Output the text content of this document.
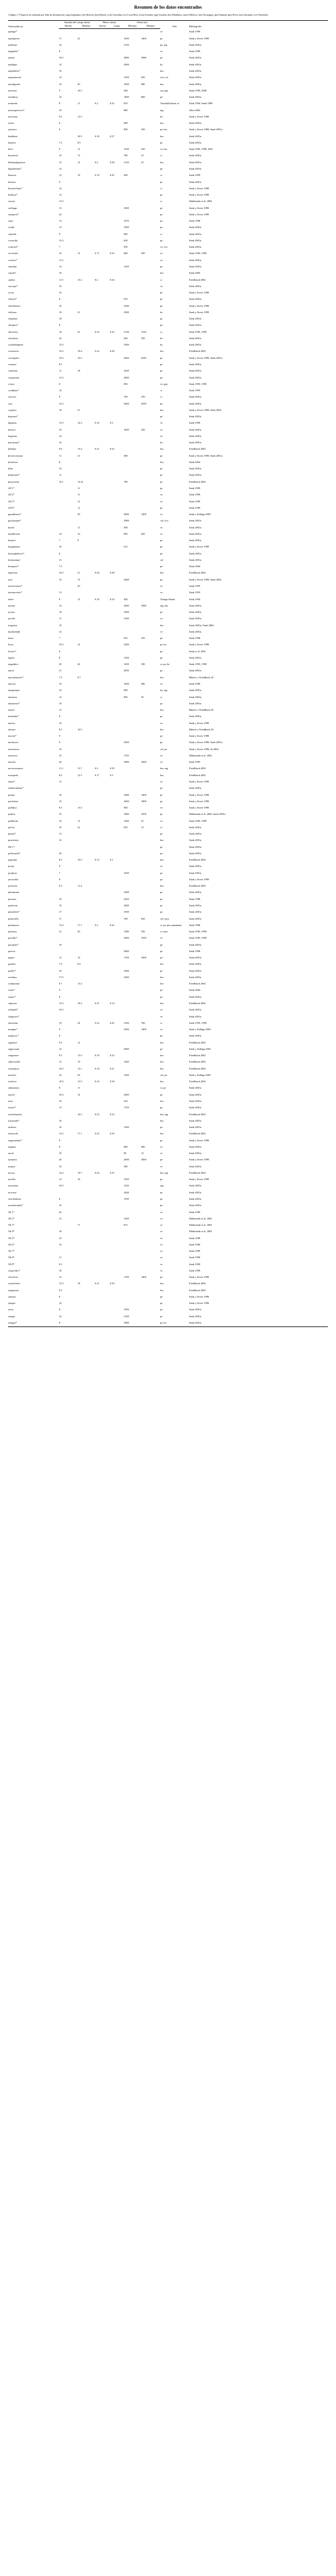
Resumen de los datos encontrados

Códigos: (*) Especie no utilizada por falta de información; (arg) Argentina; (bo) Bolivia; (bra) Brasil; (col) Colombia; (cr) Costa Rica; (ecu) Ecuador; (gu) Guyana; (ho) Honduras; (mex) México; (nic) Nicaragua; (pa) Panamá; (per) Perú; (sur) Surinam; (ve) Venezuela.

Anastrepha sp.	Tamaño del cuerpo (mm)		Huevo (mm)		Altura (m)		País	Bibliografía
	Macho	Hembra	Ancho	Largo	Máximo	Mínimo		
aphaga*							ve	Stark 1999
aquiquiena	17	22			1650	1400	pe	Stark y Sivrer 1998
alabrasa	14				2150		pe, arg	Stark 2001a
alippidia*	8						ve	Stark 1999
amata	16.5				2000	2000	pe	Stark 2001a
ambigua	14				2000		bo	Stark 2001a
ampbilinie*	16						bra	Stark 2001a
angustiuvola	14				1250	650	ecu, col	Stark 2001a
annulipedes	16	20			1650	980	bra	Stark 2001a
antivasa	9	10.5			500		sur, guy	Stark 1999, 2000
anuidicus	14				1400	800	pe	Stark 2001a
armanda	8	11	0.2	0.25	810		Trinidad Island, ve	Stark 1994, Stark 1998
atrataquiverea*	10				680		mg	Okee 2002
atrinoma	9.5	13.5					bo	Stark y Sivrer 1998
aruea	6				400		bra	Stark 2001a
ayimara	9				900	550	pe, bra	Stark y Sivrer 1998, Stark 2001a
baddinea		18.5	0.18	0.27			bra	Stark 2001a
bameta	7.5	8.5					pe	Stark 2001a
bieri	9	12			1530	520	ve, bra	Stark 1995, 1998, 2001
benedicta	10	13			780	35	cr	Stark 2001a
bibaiaalgopiicae	15	12	0.2	0.28	2150	25	bra	Stark 2001a
biguanliana*	14						pe	Stark 2001a
blancea	12	16	0.19	0.45	200		cr	Stark 1999
bizenea	9						pe	Stark 2001a
bonselchiaue*	14						cr	Stark y Sivrer 1998
bulbosa*	13						pe	Stark y Sivrer 1998
caceae	13.5						cr	Maldonado et al. 2002
callunga	13				2500		pe	Stark y Sivrer 1998
canspora*	24						pe	Stark y Sivrer 1998
cana	13				1670		pe	Stark 1998
cordie	13				2300		pe	Stark 2001a
cantella	9				850		cr	Stark 2001a
cerasolia	13.5				650		pe	Stark 2001a
cenarasi*	7				950		ve, ecu	Stark 2001a
cervicalis	10	12	0.17	0.32	600	300	ve	Stark 1995, 1999
cesarea*	11.2						ve	Stark 2001a
cantulae	14				1250		pe	Stark 2001a
catalis*	10						bra	Stark 2004
catbea	11.5	15.2	0.2	0.34			cr	Friedlback 2002
cacorpa*	10						ve	Stark 2001a
cecon	10						pe	Stark y Sivrer 1998
chanea*	8				810		pe	Stark 2001a
chiedinoeiis	16				2340		pe	Stark y Sivrer 1998
chileara	18	21			2500		bo	Stark y Sivrer 1998
chiquinei	18						pe	Stark 2001a
chirquea*	8						pe	Stark 2001a
chiorinea	18	25	0.23	0.35	2720	1530	cr	Stark 1995, 1999
chiraleua	16				560	350	bo	Stark 2001a
cochabampiste	13.5				2500		bo	Stark 2001a
cocaneens	14.5	18.4	0.22	0.36			bra	Friedlback 2002
coramplea	16.5	16.5			2400	2030	pe	Stark y Sivrer 1998, Stark 2001a
conasae	8.5						pe	Stark 2001a
commata	11	18			3250		pe	Stark 2001a
conquensis	13.5				2000		pe	Stark 2001a
crisea	8				850		ve, guy	Stark 1995, 1999
cordifusa*	14						cr	Stark 1995
cuerosa	9				700	470	cr	Stark 2001a
cuzi	13.5				2600	2050	pe	Stark 2001a
cryptica	18	21					bra	Stark y Sivrer 1998, Stark 2004
dayanea*							pe	Stark 2001a
dignasis	13.5	14.5	0.16	0.3			ve	Stark 1999
dirinea	19				1650	250	ve	Stark 2001a
dogiema	14						ve	Stark 2001a
fenestrata*	16						bo	Stark 2001a
flebinae	9.6	13.4	0.21	0.32			bra	Friedlback 2002
floriecorneata	11	21			380		pe	Stark y Sivrer 1998, Stark 2001a
florebono	8						bra	Stark 2004
flina	10						pe	Stark 2001a
flintarium*	11						pe	Stark 2001a
fuscicauna	10.1	12.21			700		pe	Friedlback 2002
GF.1*		11					pe	Stark 1999
GF.2*		11					ve	Stark 1999
GF.3*		15					ve	Stark 1999
GF.4*		11					pe	Stark 1999
guanthenae*		20			2000	1400	ve	Stark y Zulluga 2003
guchusquia*					2900		col, ecu	Stark 2001a
hacha		11			500		ve	Stark 2001a
handlirschi	14	16			850	650	ve	Stark 2001a
harperi	7	9					pe	Stark 2001a
huagaliyare	10				672		pe	Stark y Sivrer 1998
hiemoglybicea*	6						pe	Stark 2001a
holostomati	13						col	Stark 2001a
hosaipea*	7.5						pe	Stark 2004
impetran	16.5	21	0.28	0.38			bra	Friedlback 2002
inca	10	13			2400		pe	Stark y Sivrer 1998, Stark 2004
interacrenea*		29					ve	Stark 1995
inetuacensis*	13						ve	Stark 1995
inkea	8	12	0.16	0.24	400		Tobago Island	Stark 1994
javana	14				2600	1060	arg, bra	Stark 2001a
jocaas	18				2500		pe	Stark 2001a
jacoba	11				2100		ve	Stark 2001a
jorgeana	10						bra	Stark 2001a, Stark 2004
kaobasheffi	12						ve	Stark 2001a
lassa	7				810	470	pe	Stark 1998
lacus	10.5	14			2200		pe, bo	Stark y Sivrer 1998
leonea*	9						pe	Stark et al. 2001
ligaea	8				1350		pe	Stark 2001a
magnifica	20	26			1450	390	cr, pa, bo	Stark 1995, 1998
maori	21				2650		pe	Stark 2001a
macadounites*	7.5	8.7					bra	Ribeiro y Friedlback 20
marcea	10				1650	480	ve	Stark 1999
marginipea	10				850		bo, arg	Stark 2001a
marimea	14				850	50	cr	Stark 2001a
masuanea*	10						pe	Stark 2001a
matiei	13						bra	Ribeiro y Friedlback 20
memadra*	8						pe	Stark 2001a
matica	10						ve	Stark y Sivrer 1998
mirana	8.5	10.5					bra	Ribeiro y Friedlback 20
mocita*	9						pe	Stark y Sivrer 1998
mechucea	9				2500		pe	Stark y Sivrer 1998, Stark 2001a
menensura	10						col, pe	Stark y Sivrer 1998, Sa 2004
monacea	10				1765		ve	Maldonado et al. 2002
muinea	20				1800	1000	ve	Stark 1995
nerororousaea	11.1	13.7	0.2	0.39			bra, arg	Friedlback 2002
noxiquela	8.5	12.5	0.17	0.3			bra	Friedlback 2002
okaia*	13						ve	Stark y Sivrer 1998
oblateradema*							pe	Stark 2001a
parqui	18				1600	1400	pe	Stark y Sivrer 1998
pachuleni	10				2400	1800	pe	Stark y Sivrer 1998
pallidoa	9.5	13.5			900		ve	Stark y Sivrer 1998
palpea	10				1000	2500	pe	Maldonado et al. 2002, Stark 2001a
pallidolia	10	12			1400	25	ve	Stark 1995, 1999
parvia	10	22			810	15	cr	Stark 2001a
pauna*	13						pe	Stark 2001a
pawitenea	14						bra	Stark 2001a
PE.1*							pe	Stark 2001a
pellurasihi*	20						pe	Stark 2001a
peguiata	8.5	10.5	0.13	0.3			bra	Friedlback 2002
perija	9						ve	Stark 2001a
perplexa	7				1650		pe	Stark 2001a
persucilla	8						pe	Stark y Sivrer 1998
perticata	9.5	11.4					bra	Friedlback 2002
phantasma					2300		pe	Stark 2001a
picanea	10				2250		pe	Stark 1998
pisiforme	10				2400		pe	Stark 2001a
planobela*	17				1930		pe	Stark 2001a
platiceilla	17				700	650	col, nica	Stark 2001a
planauaua	13.4	17.1	0.2	0.42			cr, pa, per, panamaue	Stark 1998
plumosa	21	26			1380	556	cr, mex	Stark 1995, 1999
poetillu*					2400	1950	ve	Stark 1995, 1999
pucisfiae*	10						pe	Stark 2001a
puerea					2600		pe	Stark 1998
pagea	12	16			1700	1600	pe	Stark 2001a
quadra	7.5	8.5					bra	Stark 2001a
quillei*	10				2500		pe	Stark 2001a
reisilazo	17.5				2200		bra	Stark 2001a
rondaninae	9.7	13.2					bra	Friedlback 2002
rosea*	9						pe	Stark 2004
regioe*	8						pe	Stark 2001a
ruficana	15.5	18.2	0.31	0.14			bra	Friedlback 2002
schmidti*	10.5						ve	Stark 2001a
sleganuei*							ve	Stark 2001a
sheensiae	19	24	0.22	0.45	2100	760	cr	Stark 1995, 1999
tanagae*	9				2200	1400	ve	Stark y Zulluga 2003
tangea p.*	9						pe	Stark 2001a
squadori	9.5	12					bra	Friedlback 2002
sagiooeuia	13				2000		pe	Stark y Zulluga 2003
sanguinea	9.5	13.5	0.19	0.32			bra	Friedlback 2002
sahecivallis	12	19			1200		bra	Friedlback 2002
serpantina	10.5	13.1	0.18	0.21			bra	Friedlback 2002
nachira	24	29			1200		col, pa	Stark y Zulluga 2003
sereleno	10.5	13.5	0.16	0.28			bra	Friedlback 2002
salamanca	8	11					cr, pa	Stark 2001a
taylori	10.5	14			2400		pe	Stark 2001a
tirea	10				520		bra	Stark 2001a
tonsea*	13				1750		pe	Stark 2001a
trachilamelia		16.5	0.23	0.33			bra, arg	Friedlback 2002
tracianda*	10						bra	Stark 2001a
turbena	16				1300		pe	Stark 2001a
trimacula	12.2	17.1	0.25	0.36			bra	Friedlback 2002
tsugaraduae*	9						pe	Stark y Sivrer 1998
tuigana	8				600	400	ve	Stark 2001a
uacia	10				90	15	ve	Stark 2001a
tuiaanea	20				2600	2000	pe	Stark y Sivrer 1998
tunpea	10				300		ve	Stark 2001a
tycosa	14.2	19.7	0.24	0.35			bra, arg	Friedlback 2002
turrilla	12	16			1250		pe	Stark y Sivrer 1998
tucumana	10.5				1250		arg	Stark 2001a
terrosea					2400		pe	Stark 2001a
vixtolimbraa	8				1550		pe	Stark 2001a
uraxilacuaila*	10						pe	Stark 2001a
VE.1*	26						ve	Stark 1999
VE.2*	21				1450		ve	Maldonado et al. 2002
VE.3*		17			872		ve	Maldonado et al. 2002
VE.4*	18						ve	Maldonado et al. 2002
VE.5*	10						ve	Stark 1999
VE.6*	10						ve	Stark 1999
VE.7*							ve	Stark 1999
VE.8*	11						ve	Stark 1999
VE.9*	9.5						ve	Stark 1999
vespertilio*	18						ve	Stark 1999
viiechicia	12				1700	1400	pe	Stark y Sivrer 1998
woeleleshui	15.5	18	0.21	0.39			bra	Friedlback 2002
xingaucaii	9.5						bra	Friedlback 2002
yanasis	8						pe	Stark y Sivrer 1998
yungae	14						pe	Stark y Sivrer 1998
zaria	8				1950		pe	Stark 2001a
zuniga	16				2100		pe	Stark 2001a
zunigai*	8				1800		pe, bo	Stark 2001a
